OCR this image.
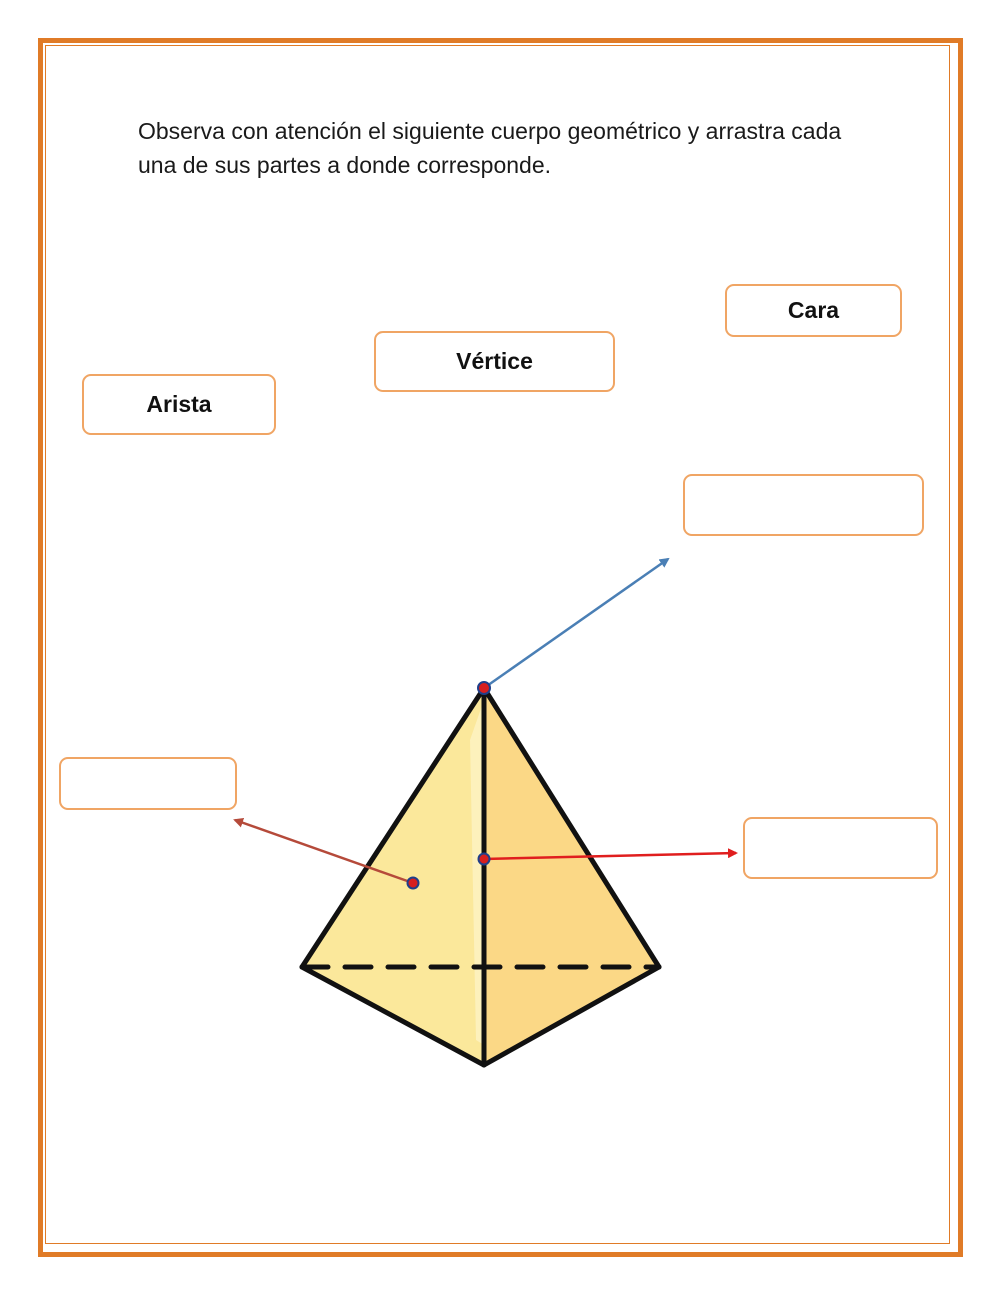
Observa con atención el siguiente cuerpo geométrico y arrastra cada una de sus partes a donde corresponde.

Cara
Vértice
Arista
